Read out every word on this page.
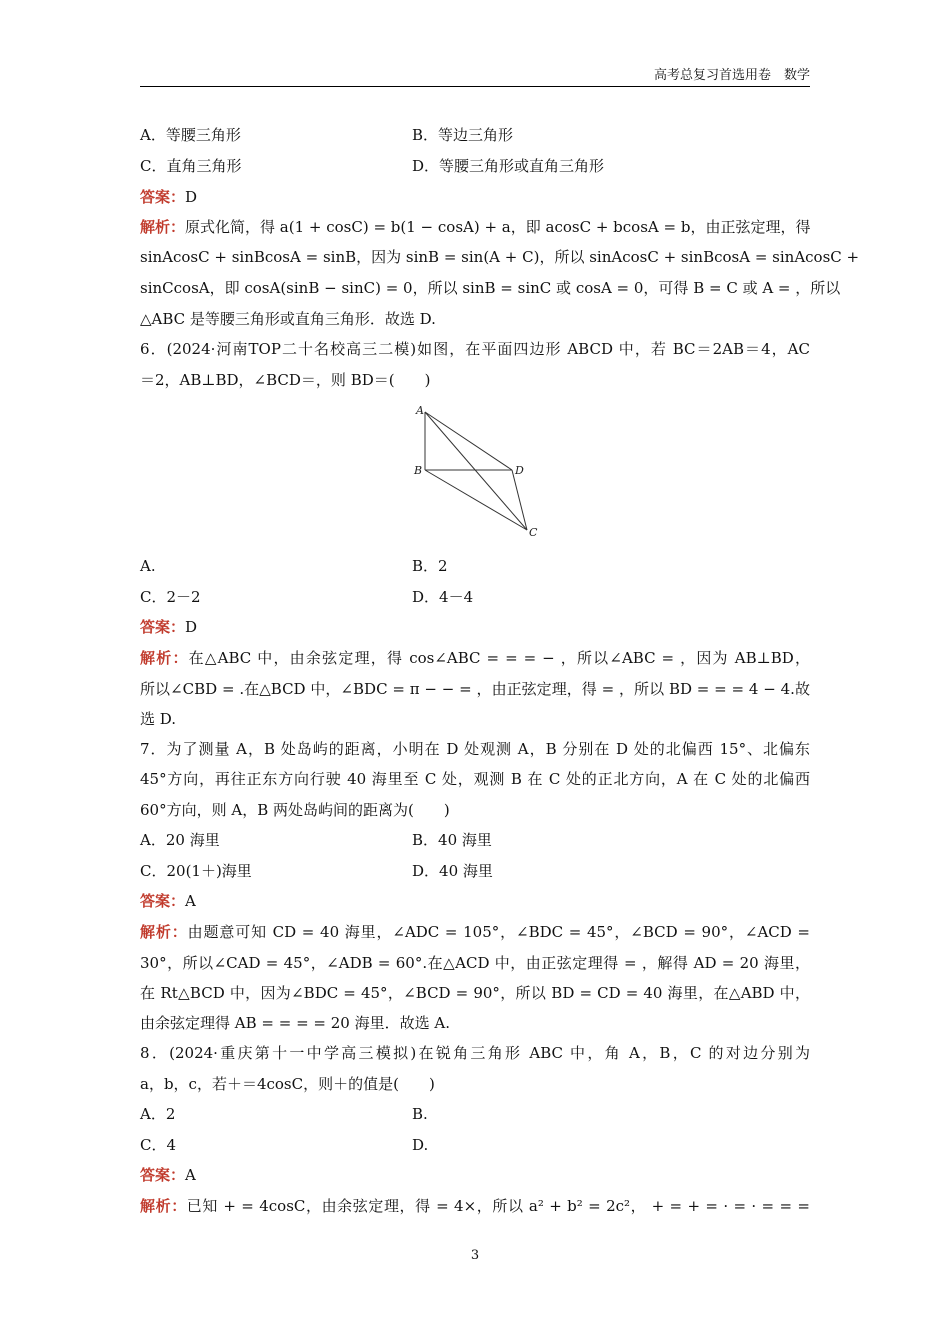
高考总复习首选用卷　数学
A．等腰三角形	B．等边三角形
C．直角三角形	D．等腰三角形或直角三角形
答案：D
解析：原式化简，得 a(1 + cosC) = b(1 − cosA) + a，即 acosC + bcosA = b，由正弦定理，得
sinAcosC + sinBcosA = sinB，因为 sinB = sin(A + C)，所以 sinAcosC + sinBcosA = sinAcosC +
sinCcosA，即 cosA(sinB − sinC) = 0，所以 sinB = sinC 或 cosA = 0，可得 B = C 或 A = ，所以
△ABC 是等腰三角形或直角三角形．故选 D.
6．(2024·河南TOP二十名校高三二模)如图，在平面四边形 ABCD 中，若 BC＝2AB＝4，AC
＝2，AB⊥BD，∠BCD＝，则 BD＝(　　)
A
B	D
C
A.	B．2
C．2－2	D．4－4
答案：D
解析：在△ABC 中，由余弦定理，得 cos∠ABC = = = − ，所以∠ABC = ，因为 AB⊥BD，
所以∠CBD = .在△BCD 中，∠BDC = π − − = ，由正弦定理，得 = ，所以 BD = = = 4 − 4.故
选 D.
7．为了测量 A，B 处岛屿的距离，小明在 D 处观测 A，B 分别在 D 处的北偏西 15°、北偏东
45°方向，再往正东方向行驶 40 海里至 C 处，观测 B 在 C 处的正北方向，A 在 C 处的北偏西
60°方向，则 A，B 两处岛屿间的距离为(　　)
A．20 海里	B．40 海里
C．20(1＋)海里	D．40 海里
答案：A
解析：由题意可知 CD = 40 海里，∠ADC = 105°，∠BDC = 45°，∠BCD = 90°，∠ACD =
30°，所以∠CAD = 45°，∠ADB = 60°.在△ACD 中，由正弦定理得 = ，解得 AD = 20 海里，
在 Rt△BCD 中，因为∠BDC = 45°，∠BCD = 90°，所以 BD = CD = 40 海里，在△ABD 中，
由余弦定理得 AB = = = = 20 海里．故选 A.
8．(2024·重庆第十一中学高三模拟)在锐角三角形 ABC 中，角 A，B，C 的对边分别为
a，b，c，若＋＝4cosC，则＋的值是(　　)
A．2	B.
C．4	D.
答案：A
解析：已知 + = 4cosC，由余弦定理，得 = 4×，所以 a² + b² = 2c²， + = + = · = · = = =
3
